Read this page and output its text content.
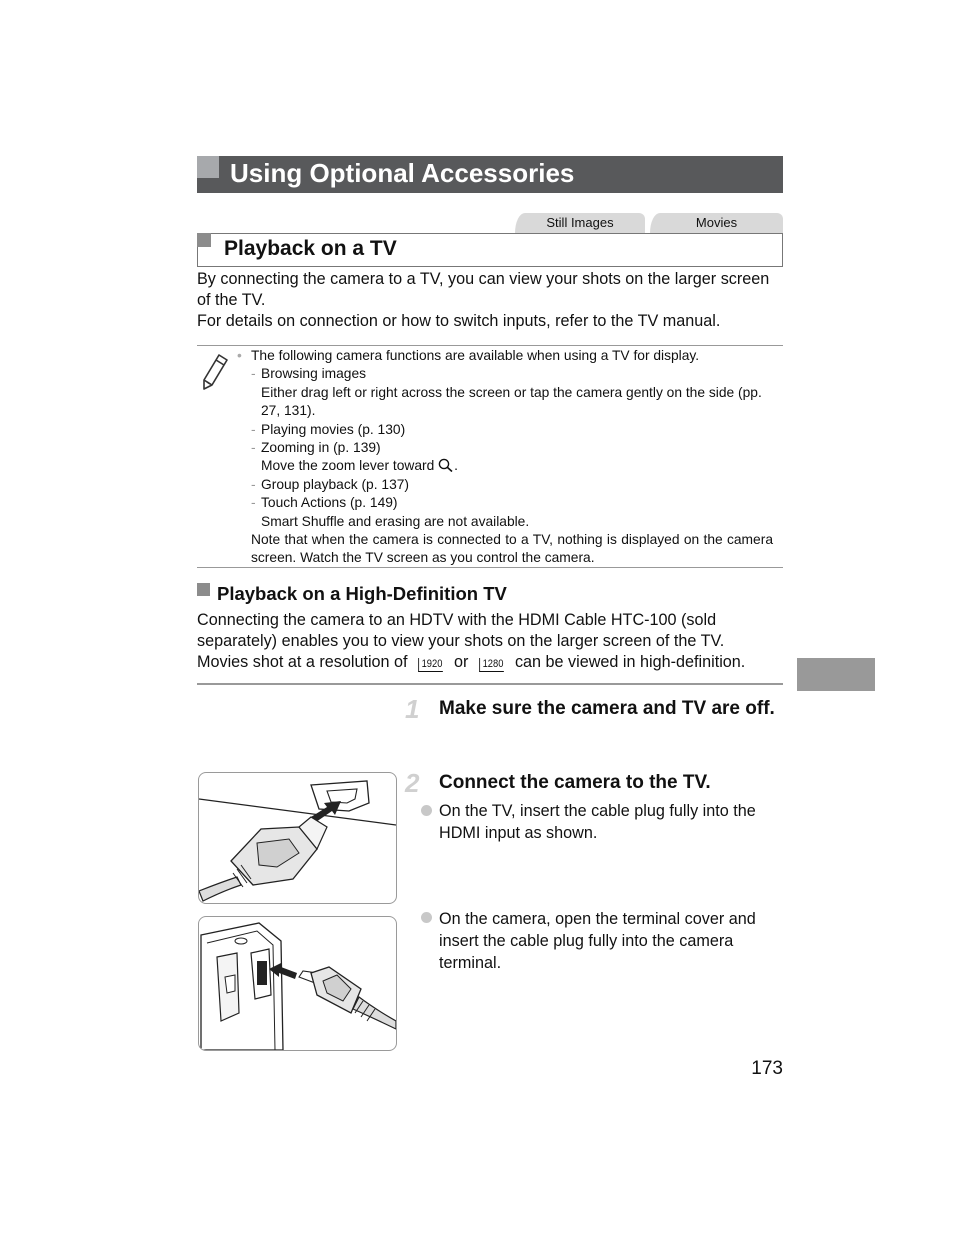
Using Optional Accessories
Still Images	Movies
Playback on a TV
By connecting the camera to a TV, you can view your shots on the larger screen of the TV.
For details on connection or how to switch inputs, refer to the TV manual.
• The following camera functions are available when using a TV for display.
- Browsing images
Either drag left or right across the screen or tap the camera gently on the side (pp. 27, 131).
- Playing movies (p. 130)
- Zooming in (p. 139)
Move the zoom lever toward .
- Group playback (p. 137)
- Touch Actions (p. 149)
Smart Shuffle and erasing are not available.
Note that when the camera is connected to a TV, nothing is displayed on the camera screen. Watch the TV screen as you control the camera.
Playback on a High-Definition TV
Connecting the camera to an HDTV with the HDMI Cable HTC-100 (sold separately) enables you to view your shots on the larger screen of the TV.
Movies shot at a resolution of 1920 or 1280 can be viewed in high-definition.
1 Make sure the camera and TV are off.
2 Connect the camera to the TV.
On the TV, insert the cable plug fully into the HDMI input as shown.
On the camera, open the terminal cover and insert the cable plug fully into the camera terminal.
173
